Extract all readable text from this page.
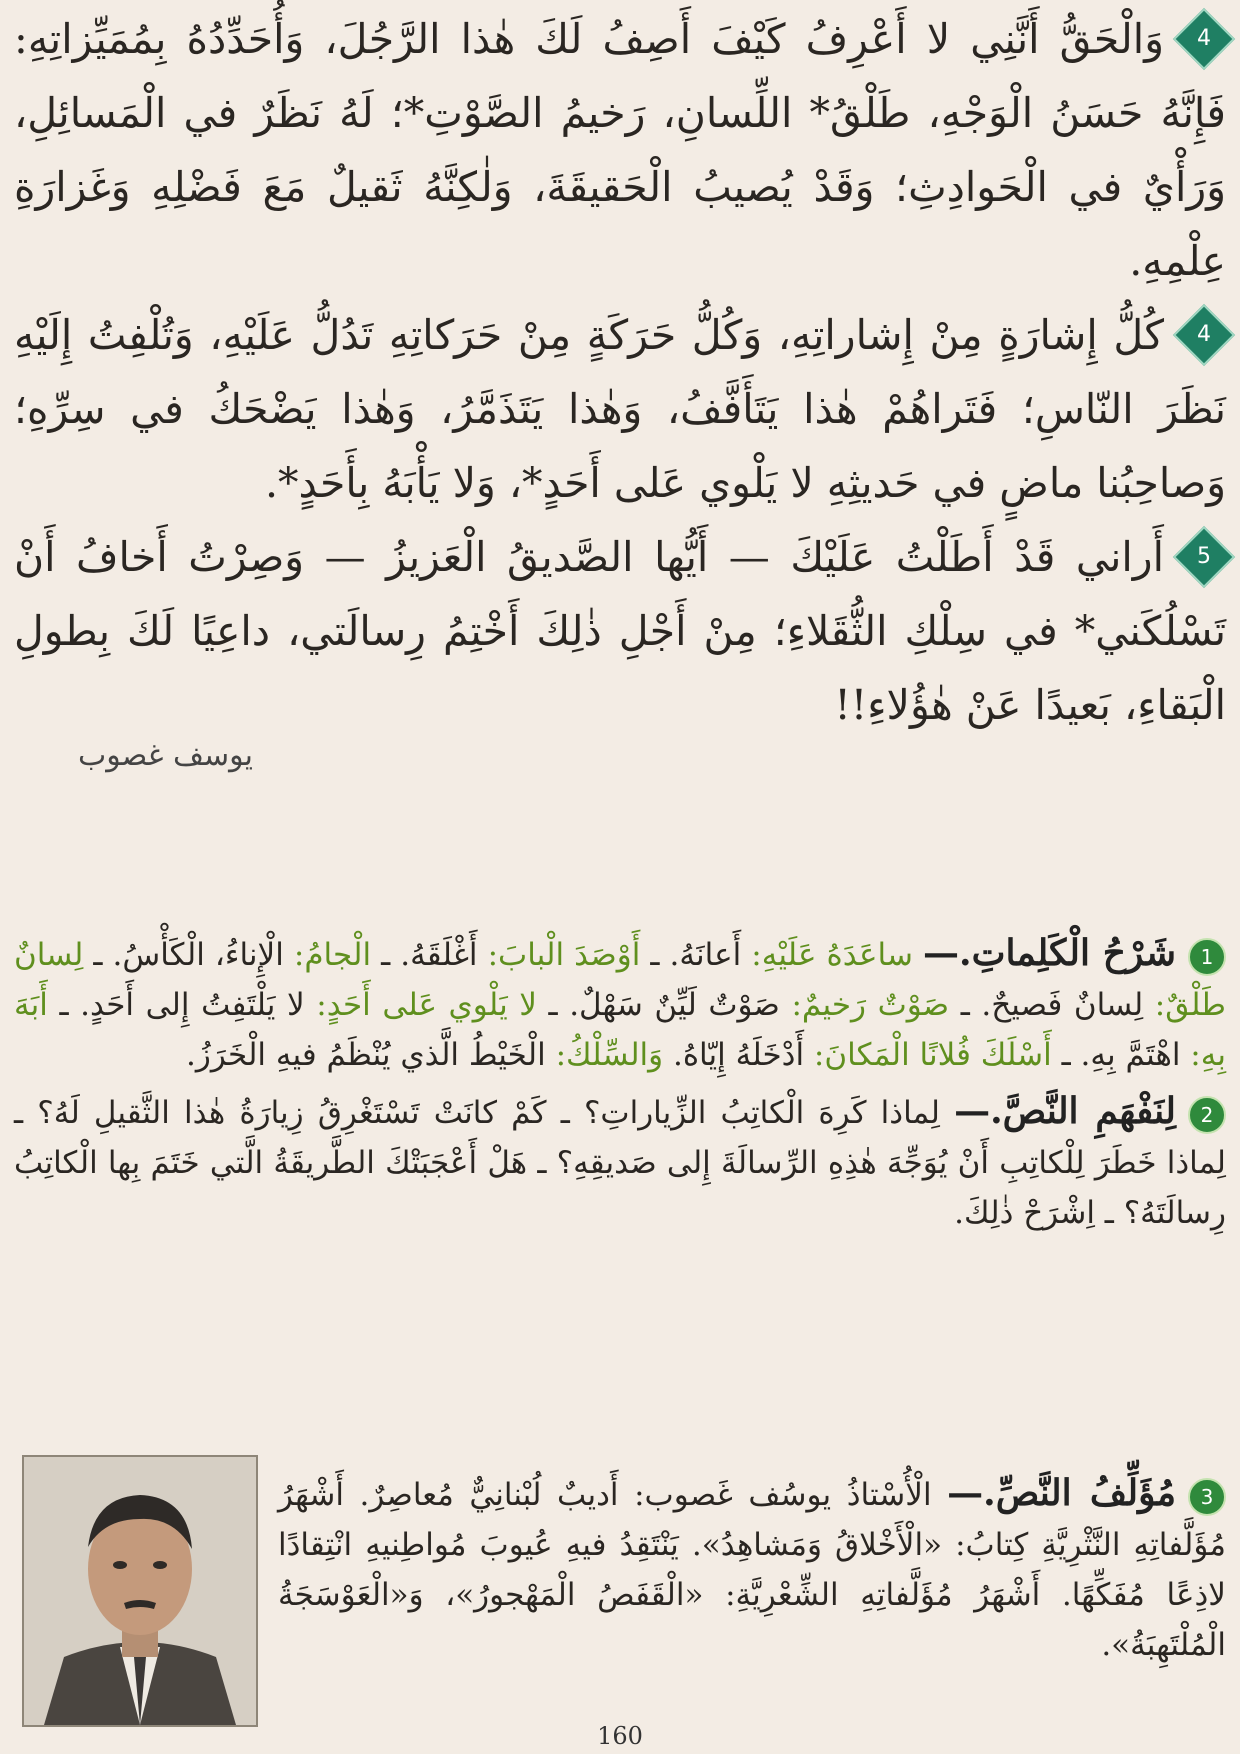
4
وَالْحَقُّ أَنَّنِي لا أَعْرِفُ كَيْفَ أَصِفُ لَكَ هٰذا الرَّجُلَ، وَأُحَدِّدُهُ بِمُمَيِّزاتِهِ: فَإِنَّهُ حَسَنُ الْوَجْهِ، طَلْقُ* اللِّسانِ، رَخيمُ الصَّوْتِ*؛ لَهُ نَظَرٌ في الْمَسائِلِ، وَرَأْيٌ في الْحَوادِثِ؛ وَقَدْ يُصيبُ الْحَقيقَةَ، وَلٰكِنَّهُ ثَقيلٌ مَعَ فَضْلِهِ وَغَزارَةِ عِلْمِهِ.

4
كُلُّ إِشارَةٍ مِنْ إِشاراتِهِ، وَكُلُّ حَرَكَةٍ مِنْ حَرَكاتِهِ تَدُلُّ عَلَيْهِ، وَتُلْفِتُ إِلَيْهِ نَظَرَ النّاسِ؛ فَتَراهُمْ هٰذا يَتَأَفَّفُ، وَهٰذا يَتَذَمَّرُ، وَهٰذا يَضْحَكُ في سِرِّهِ؛ وَصاحِبُنا ماضٍ في حَديثِهِ لا يَلْوي عَلى أَحَدٍ*، وَلا يَأْبَهُ بِأَحَدٍ*.

5
أَراني قَدْ أَطَلْتُ عَلَيْكَ — أَيُّها الصَّديقُ الْعَزيزُ — وَصِرْتُ أَخافُ أَنْ تَسْلُكَني* في سِلْكِ الثُّقَلاءِ؛ مِنْ أَجْلِ ذٰلِكَ أَخْتِمُ رِسالَتي، داعِيًا لَكَ بِطولِ الْبَقاءِ، بَعيدًا عَنْ هٰؤُلاءِ!!

يوسف غصوب

1شَرْحُ الْكَلِماتِ.— ساعَدَهُ عَلَيْهِ: أَعانَهُ. ـ أَوْصَدَ الْبابَ: أَغْلَقَهُ. ـ الْجامُ: الْإِناءُ، الْكَأْسُ. ـ لِسانٌ طَلْقٌ: لِسانٌ فَصيحٌ. ـ صَوْتٌ رَخيمٌ: صَوْتٌ لَيِّنٌ سَهْلٌ. ـ لا يَلْوي عَلى أَحَدٍ: لا يَلْتَفِتُ إِلى أَحَدٍ. ـ أَبَهَ بِهِ: اهْتَمَّ بِهِ. ـ أَسْلَكَ فُلانًا الْمَكانَ: أَدْخَلَهُ إِيّاهُ. وَالسِّلْكُ: الْخَيْطُ الَّذي يُنْظَمُ فيهِ الْخَرَزُ.

2لِنَفْهَمِ النَّصَّ.— لِماذا كَرِهَ الْكاتِبُ الزِّياراتِ؟ ـ كَمْ كانَتْ تَسْتَغْرِقُ زِيارَةُ هٰذا الثَّقيلِ لَهُ؟ ـ لِماذا خَطَرَ لِلْكاتِبِ أَنْ يُوَجِّهَ هٰذِهِ الرِّسالَةَ إِلى صَديقِهِ؟ ـ هَلْ أَعْجَبَتْكَ الطَّريقَةُ الَّتي خَتَمَ بِها الْكاتِبُ رِسالَتَهُ؟ ـ اِشْرَحْ ذٰلِكَ.

3مُؤَلِّفُ النَّصِّ.— الْأُسْتاذُ يوسُف غَصوب: أَديبٌ لُبْنانِيٌّ مُعاصِرٌ. أَشْهَرُ مُؤَلَّفاتِهِ النَّثْرِيَّةِ كِتابُ: «الْأَخْلاقُ وَمَشاهِدُ». يَنْتَقِدُ فيهِ عُيوبَ مُواطِنيهِ انْتِقادًا لاذِعًا مُفَكِّهًا. أَشْهَرُ مُؤَلَّفاتِهِ الشِّعْرِيَّةِ: «الْقَفَصُ الْمَهْجورُ»، وَ«الْعَوْسَجَةُ الْمُلْتَهِبَةُ».

160
